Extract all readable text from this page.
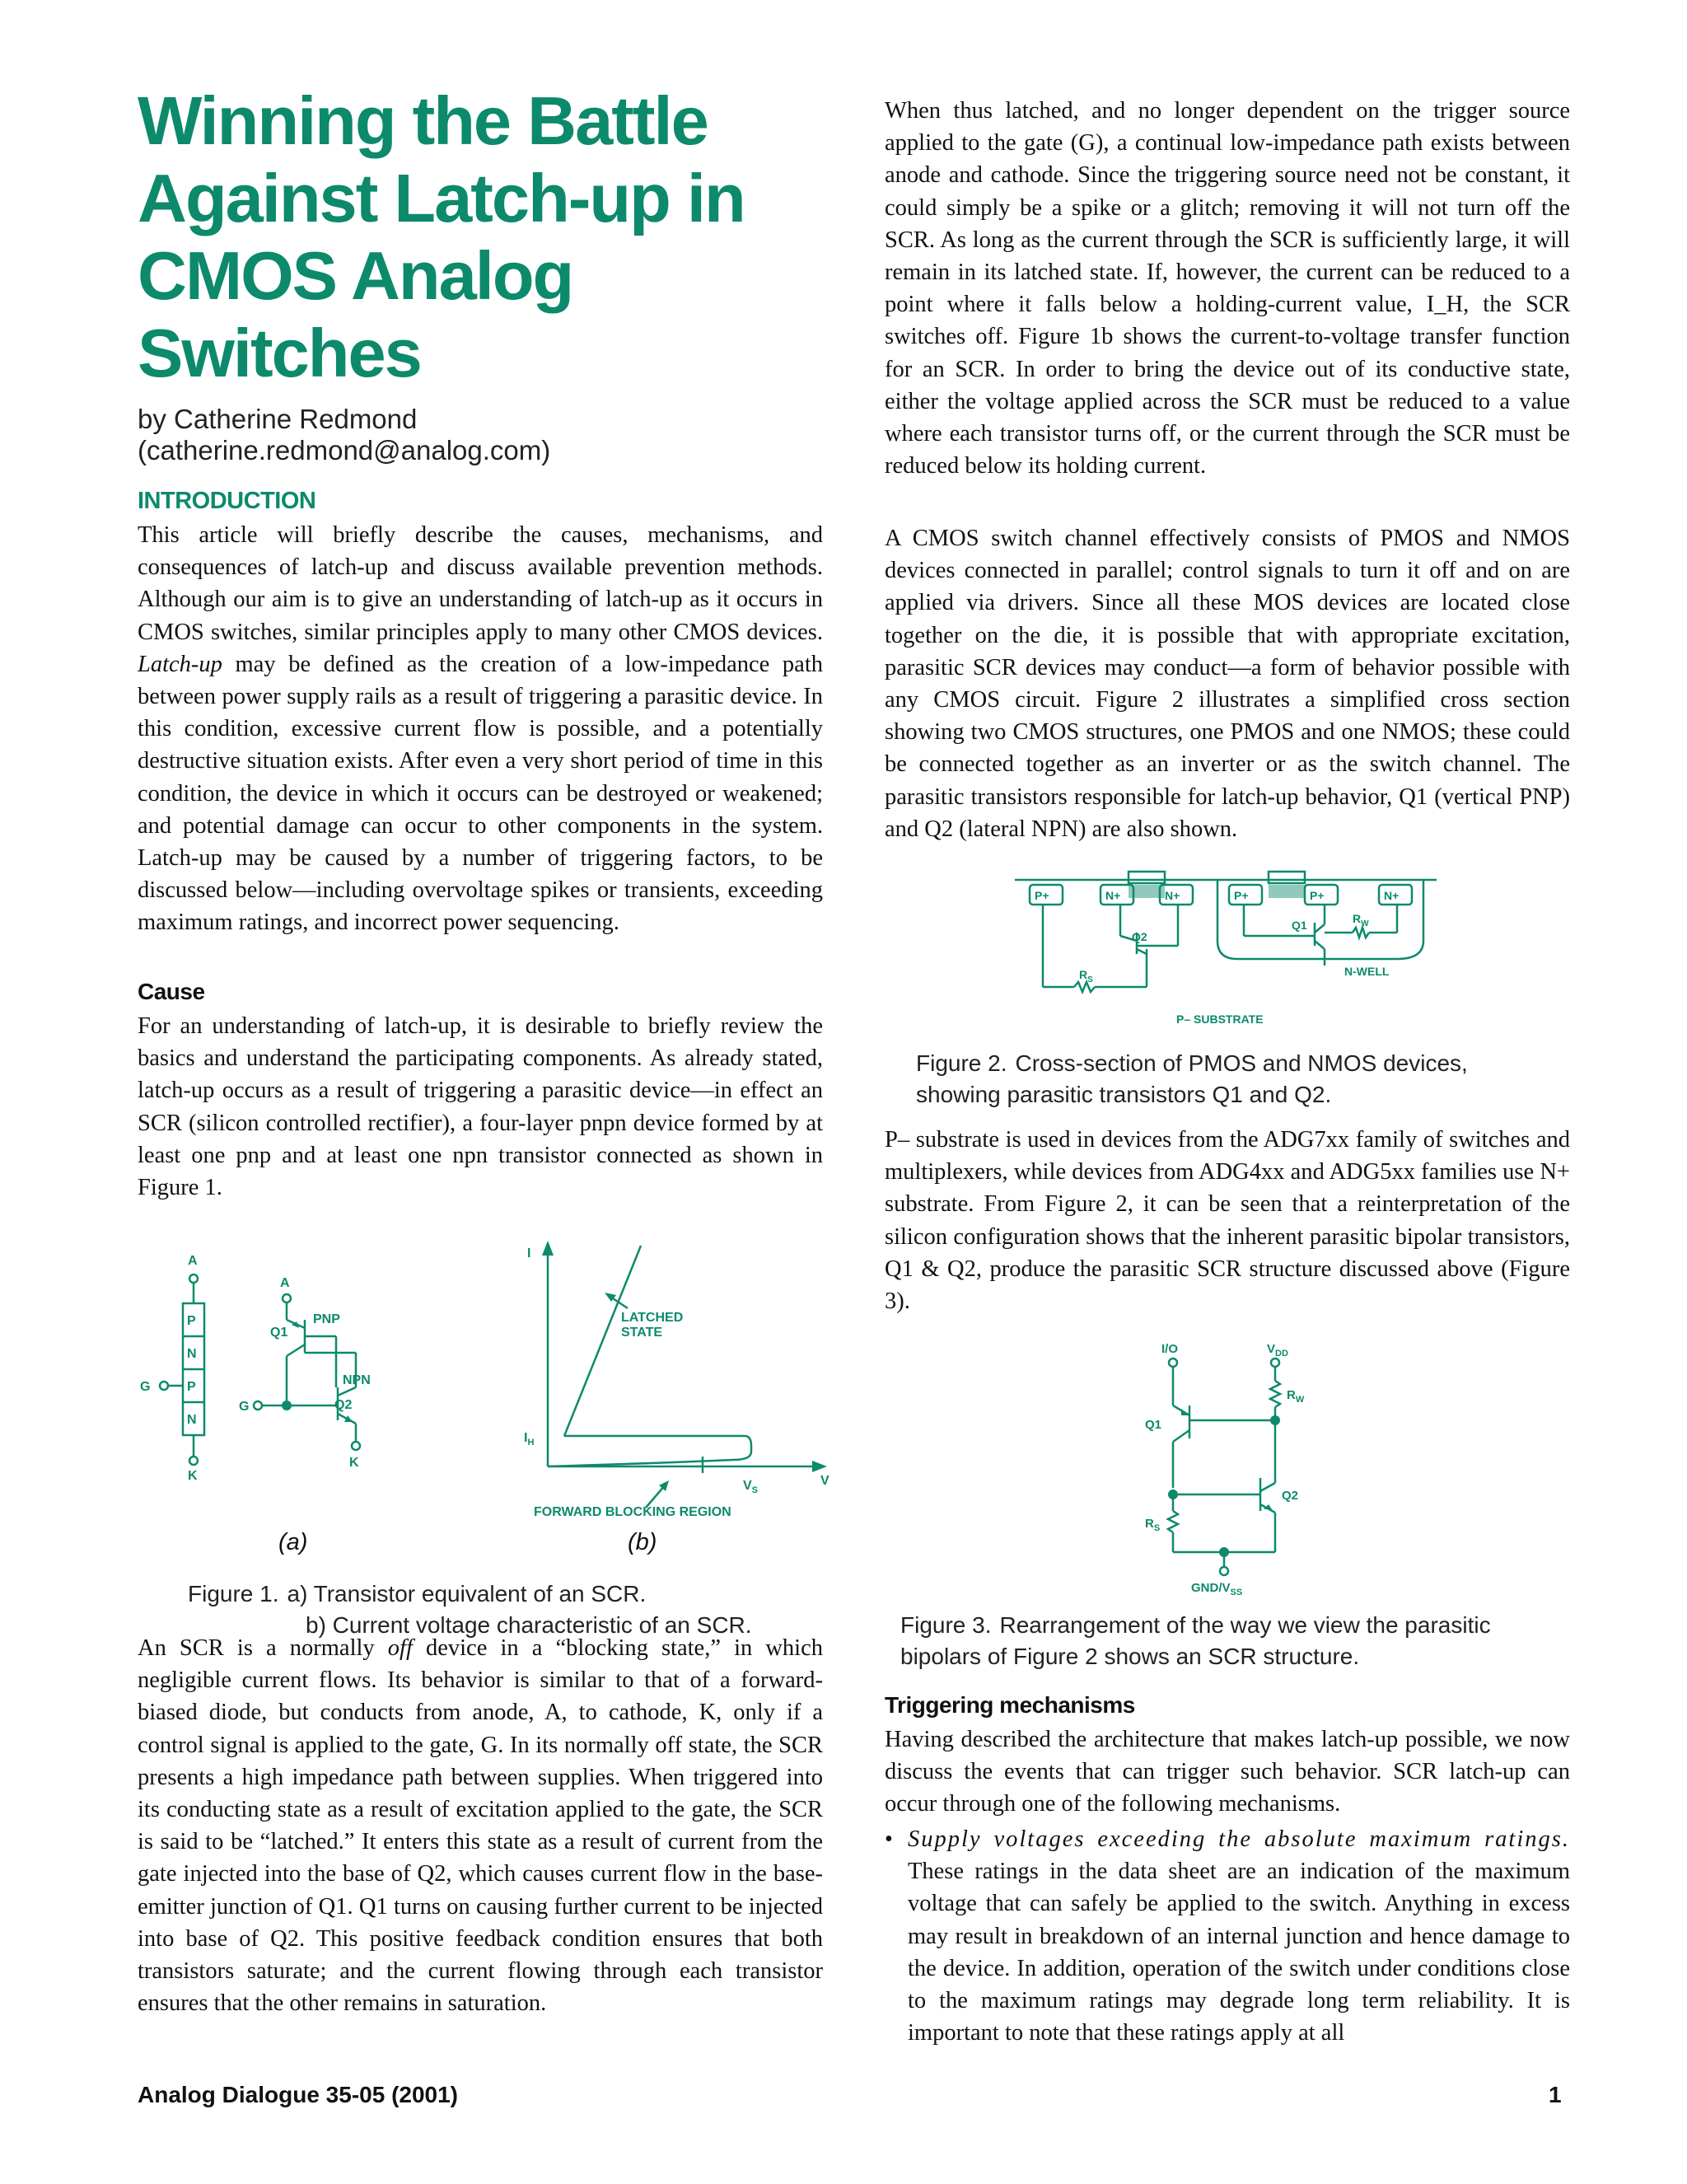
Winning the Battle Against Latch-up in CMOS Analog Switches
by Catherine Redmond
(catherine.redmond@analog.com)
INTRODUCTION

This article will briefly describe the causes, mechanisms, and consequences of latch-up and discuss available prevention methods. Although our aim is to give an understanding of latch-up as it occurs in CMOS switches, similar principles apply to many other CMOS devices. Latch-up may be defined as the creation of a low-impedance path between power supply rails as a result of triggering a parasitic device. In this condition, excessive current flow is possible, and a potentially destructive situation exists. After even a very short period of time in this condition, the device in which it occurs can be destroyed or weakened; and potential damage can occur to other components in the system. Latch-up may be caused by a number of triggering factors, to be discussed below—including overvoltage spikes or transients, exceeding maximum ratings, and incorrect power sequencing.

Cause

For an understanding of latch-up, it is desirable to briefly review the basics and understand the participating components. As already stated, latch-up occurs as a result of triggering a parasitic device—in effect an SCR (silicon controlled rectifier), a four-layer pnpn device formed by at least one pnp and at least one npn transistor connected as shown in Figure 1.

A
P
N
P
N
K
G
A
K
G
PNP
Q1
NPN
Q2
I
V
$I_H$
$V_S$
LATCHED
STATE
FORWARD BLOCKING REGION
(a)	(b)
Figure 1. a) Transistor equivalent of an SCR.
b) Current voltage characteristic of an SCR.

An SCR is a normally off device in a “blocking state,” in which negligible current flows. Its behavior is similar to that of a forward-biased diode, but conducts from anode, A, to cathode, K, only if a control signal is applied to the gate, G. In its normally off state, the SCR presents a high impedance path between supplies. When triggered into its conducting state as a result of excitation applied to the gate, the SCR is said to be “latched.” It enters this state as a result of current from the gate injected into the base of Q2, which causes current flow in the base-emitter junction of Q1. Q1 turns on causing further current to be injected into base of Q2. This positive feedback condition ensures that both transistors saturate; and the current flowing through each transistor ensures that the other remains in saturation.

When thus latched, and no longer dependent on the trigger source applied to the gate (G), a continual low-impedance path exists between anode and cathode. Since the triggering source need not be constant, it could simply be a spike or a glitch; removing it will not turn off the SCR. As long as the current through the SCR is sufficiently large, it will remain in its latched state. If, however, the current can be reduced to a point where it falls below a holding-current value, I_H, the SCR switches off. Figure 1b shows the current-to-voltage transfer function for an SCR. In order to bring the device out of its conductive state, either the voltage applied across the SCR must be reduced to a value where each transistor turns off, or the current through the SCR must be reduced below its holding current.

A CMOS switch channel effectively consists of PMOS and NMOS devices connected in parallel; control signals to turn it off and on are applied via drivers. Since all these MOS devices are located close together on the die, it is possible that with appropriate excitation, parasitic SCR devices may conduct—a form of behavior possible with any CMOS circuit. Figure 2 illustrates a simplified cross section showing two CMOS structures, one PMOS and one NMOS; these could be connected together as an inverter or as the switch channel. The parasitic transistors responsible for latch-up behavior, Q1 (vertical PNP) and Q2 (lateral NPN) are also shown.

P+	N+	N+	P+	P+	N+
Q2
Q1	$R_W$
$R_S$
N-WELL
P– SUBSTRATE
Figure 2. Cross-section of PMOS and NMOS devices,
showing parasitic transistors Q1 and Q2.

P– substrate is used in devices from the ADG7xx family of switches and multiplexers, while devices from ADG4xx and ADG5xx families use N+ substrate. From Figure 2, it can be seen that a reinterpretation of the silicon configuration shows that the inherent parasitic bipolar transistors, Q1 & Q2, produce the parasitic SCR structure discussed above (Figure 3).

I/O	$V_{DD}$
$R_W$
Q1
Q2
$R_S$
GND/$V_{SS}$
Figure 3. Rearrangement of the way we view the parasitic
bipolars of Figure 2 shows an SCR structure.
Triggering mechanisms

Having described the architecture that makes latch-up possible, we now discuss the events that can trigger such behavior. SCR latch-up can occur through one of the following mechanisms.

• Supply voltages exceeding the absolute maximum ratings. These ratings in the data sheet are an indication of the maximum voltage that can safely be applied to the switch. Anything in excess may result in breakdown of an internal junction and hence damage to the device. In addition, operation of the switch under conditions close to the maximum ratings may degrade long term reliability. It is important to note that these ratings apply at all

Analog Dialogue 35-05 (2001)	1
